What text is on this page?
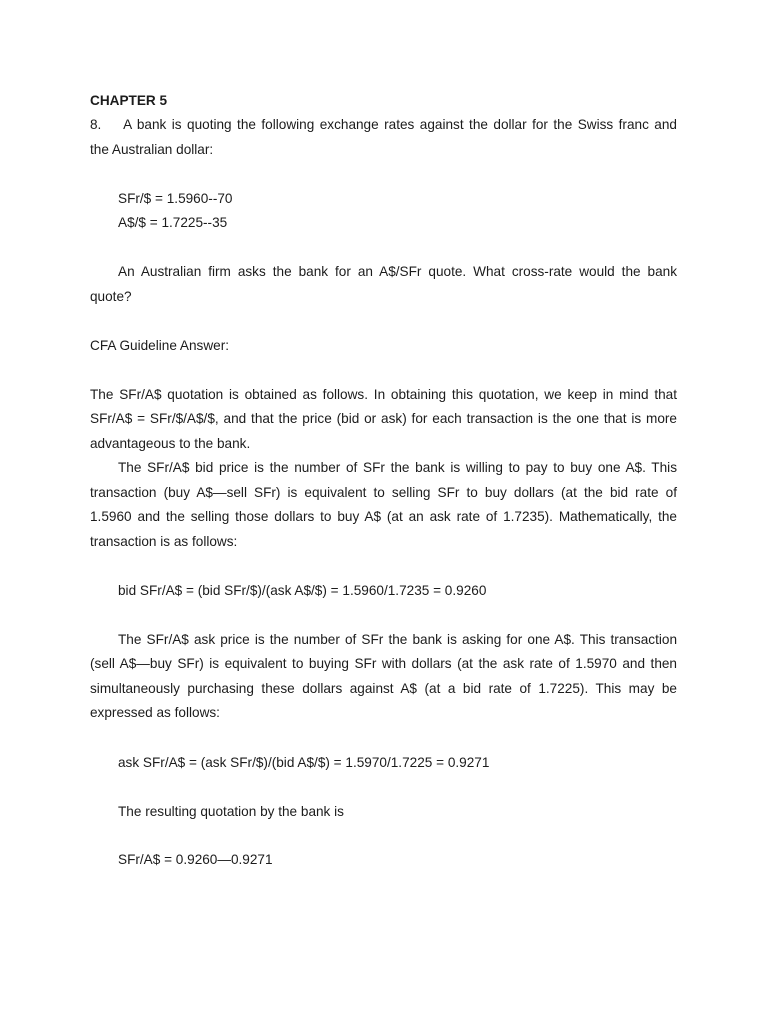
CHAPTER 5
8.    A bank is quoting the following exchange rates against the dollar for the Swiss franc and
the Australian dollar:
SFr/$ = 1.5960--70
A$/$ = 1.7225--35
An Australian firm asks the bank for an A$/SFr quote. What cross-rate would the bank
quote?
CFA Guideline Answer:
The SFr/A$ quotation is obtained as follows. In obtaining this quotation, we keep in mind that
SFr/A$ = SFr/$/A$/$, and that the price (bid or ask) for each transaction is the one that is more
advantageous to the bank.
The SFr/A$ bid price is the number of SFr the bank is willing to pay to buy one A$. This
transaction (buy A$—sell SFr) is equivalent to selling SFr to buy dollars (at the bid rate of
1.5960 and the selling those dollars to buy A$ (at an ask rate of 1.7235). Mathematically, the
transaction is as follows:
bid SFr/A$ = (bid SFr/$)/(ask A$/$) = 1.5960/1.7235 = 0.9260
The SFr/A$ ask price is the number of SFr the bank is asking for one A$. This transaction
(sell A$—buy SFr) is equivalent to buying SFr with dollars (at the ask rate of 1.5970 and then
simultaneously purchasing these dollars against A$ (at a bid rate of 1.7225). This may be
expressed as follows:
ask SFr/A$ = (ask SFr/$)/(bid A$/$) = 1.5970/1.7225 = 0.9271
The resulting quotation by the bank is
SFr/A$ = 0.9260—0.9271
